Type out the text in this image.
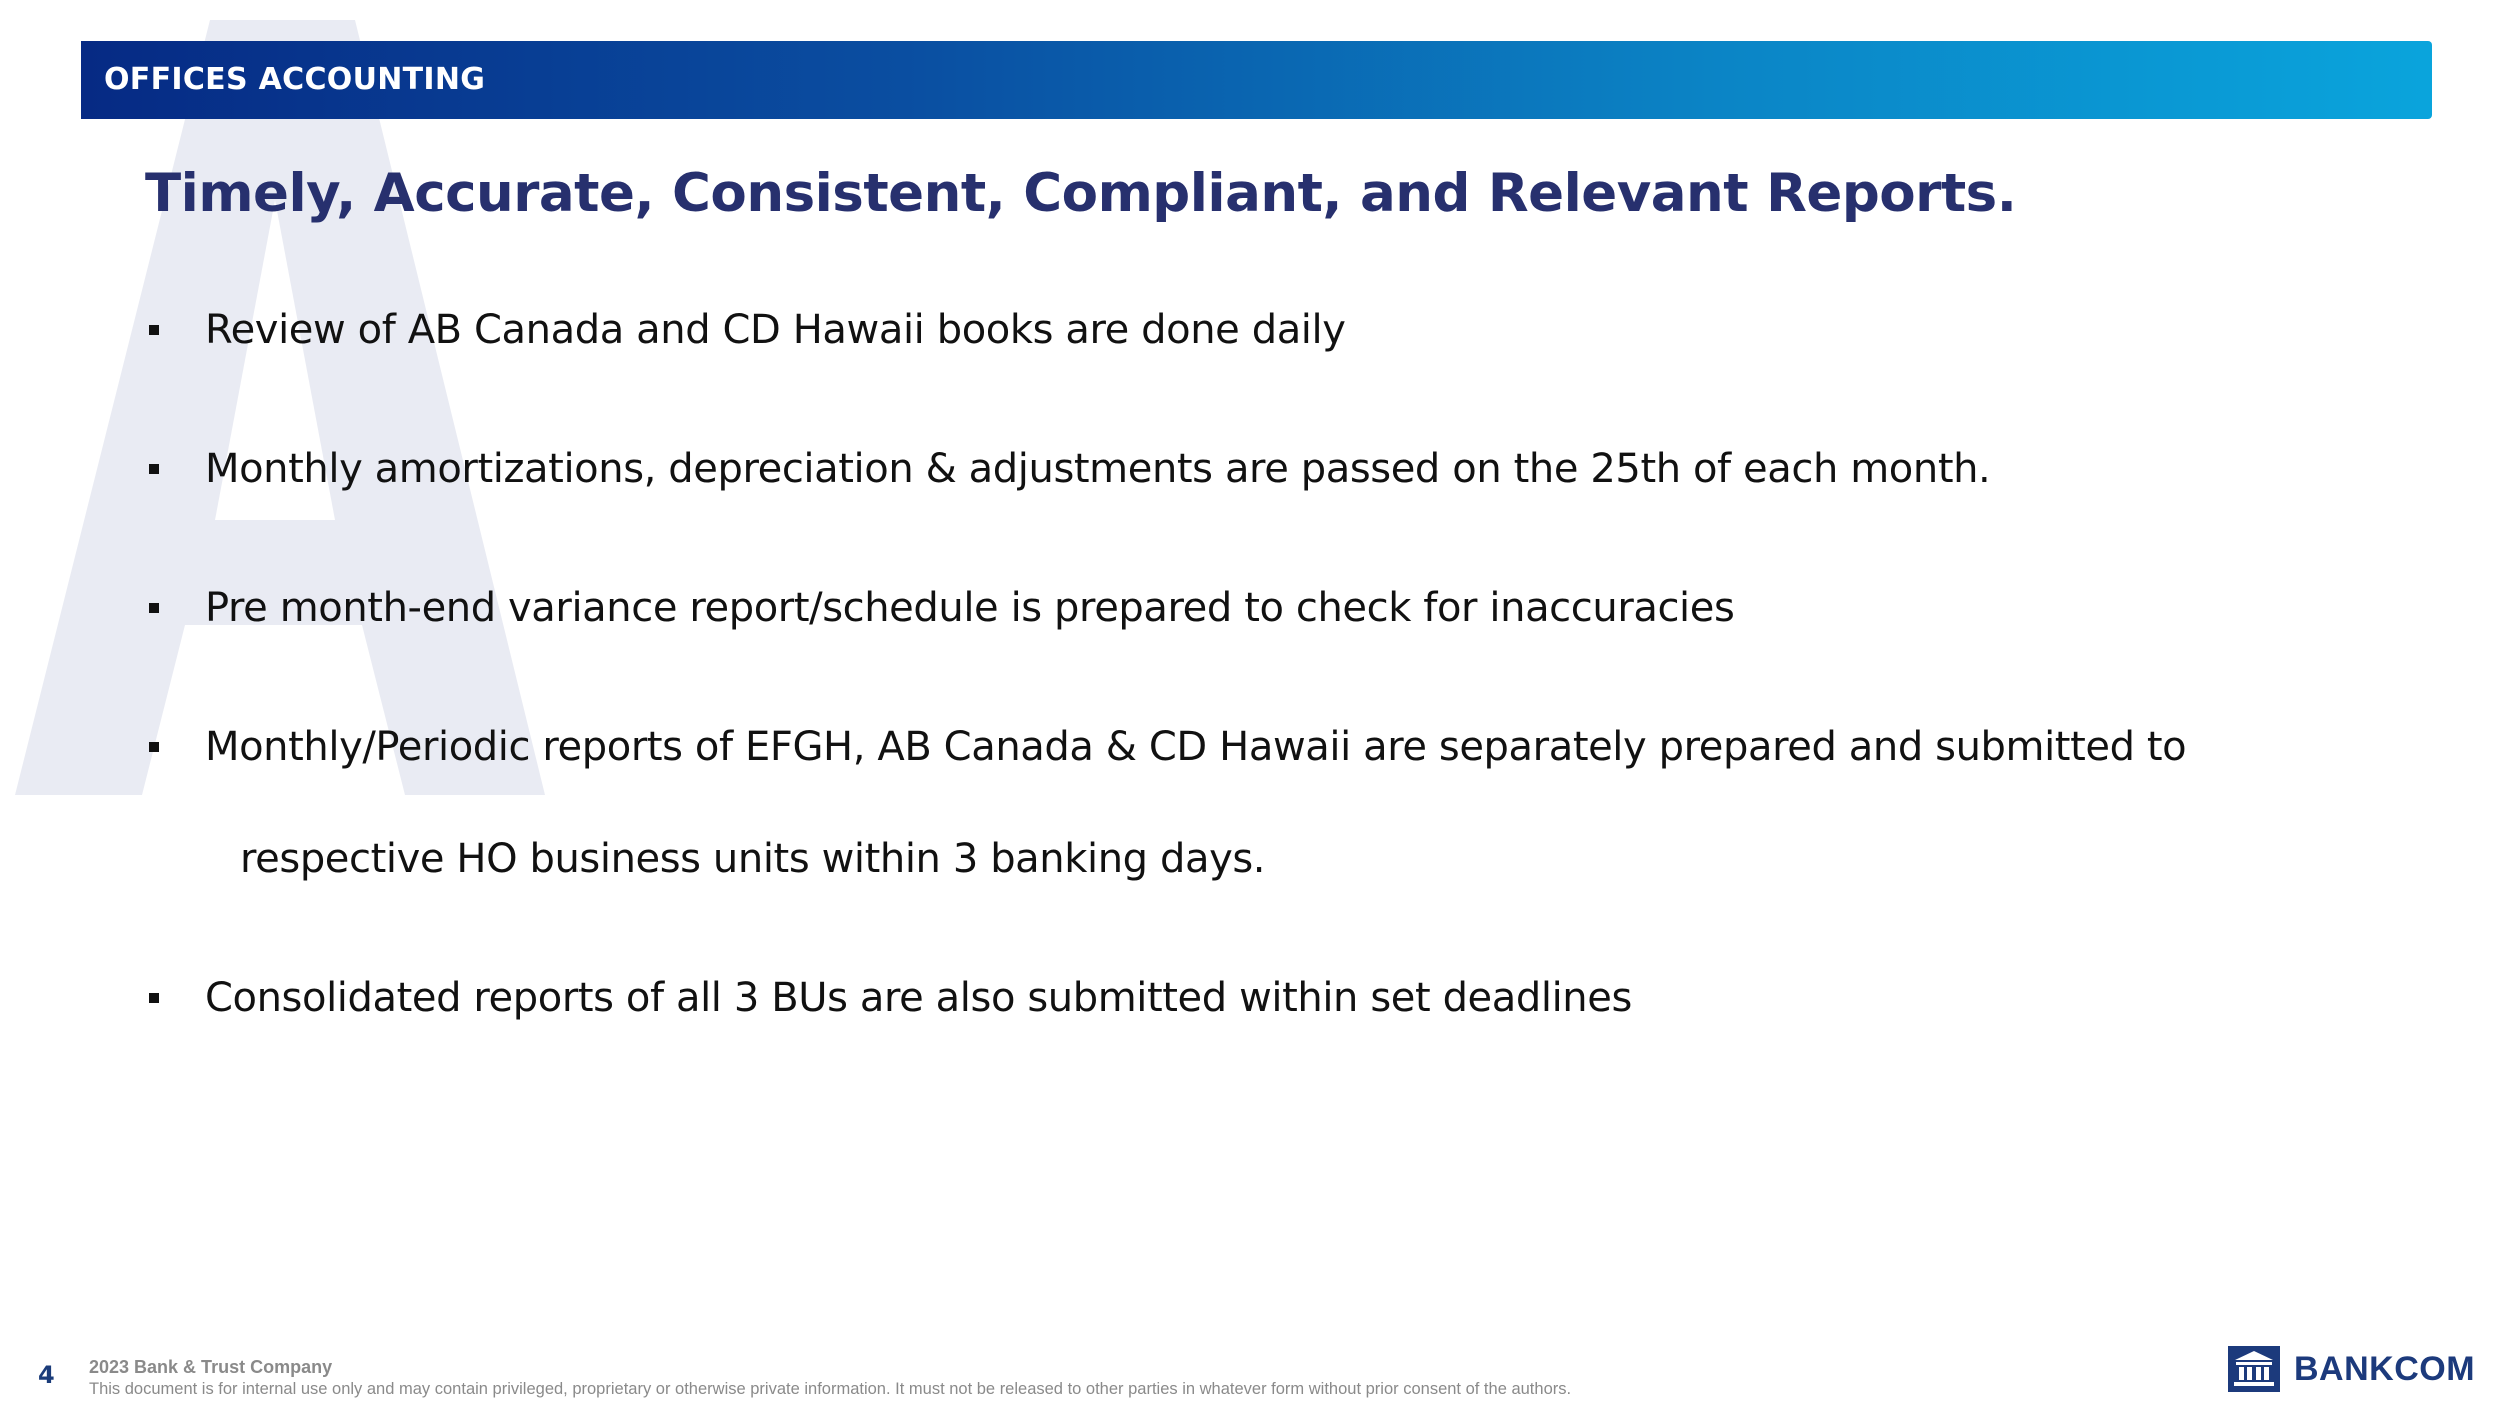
OFFICES ACCOUNTING
Timely, Accurate, Consistent, Compliant, and Relevant Reports.
Review of AB Canada and CD Hawaii books are done daily
Monthly amortizations, depreciation & adjustments are passed on the 25th of each month.
Pre month-end variance report/schedule is prepared to check for inaccuracies
Monthly/Periodic reports of EFGH, AB Canada & CD Hawaii are separately prepared and submitted to
respective HO business units within 3 banking days.
Consolidated reports of all 3 BUs are also submitted within set deadlines
4 2023 Bank & Trust Company
This document is for internal use only and may contain privileged, proprietary or otherwise private information. It must not be released to other parties in whatever form without prior consent of the authors.
BANKCOM
